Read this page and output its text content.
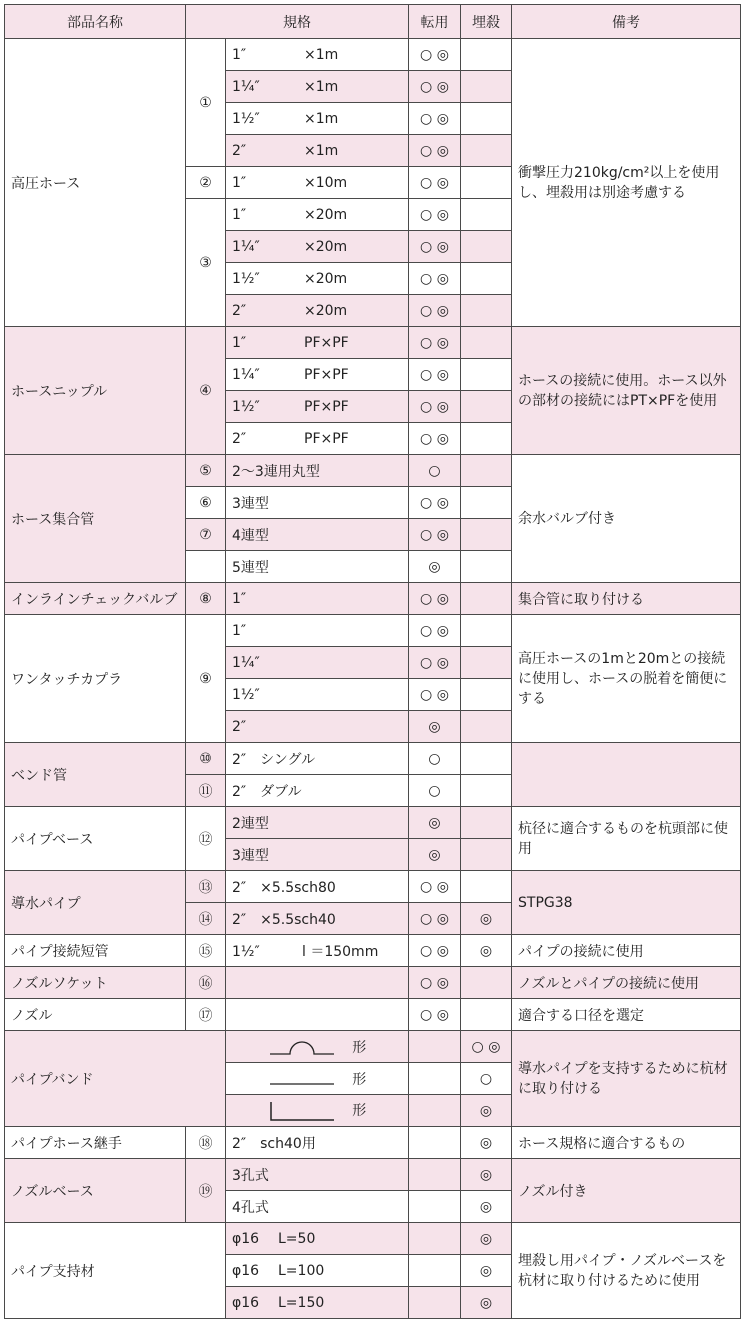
部品名称	規格		転用	埋殺	備考
高圧ホース	①	1″ ×1m	○ ◎		衝撃圧力210kg/cm²以上を使用し、埋殺用は別途考慮する
		1¼″ ×1m	○ ◎		
		1½″ ×1m	○ ◎		
		2″ ×1m	○ ◎		
	②	1″ ×10m	○ ◎		
	③	1″ ×20m	○ ◎		
		1¼″ ×20m	○ ◎		
		1½″ ×20m	○ ◎		
		2″ ×20m	○ ◎		
ホースニップル	④	1″ PF×PF	○ ◎		ホースの接続に使用。ホース以外の部材の接続にはPT×PFを使用
		1¼″ PF×PF	○ ◎		
		1½″ PF×PF	○ ◎		
		2″ PF×PF	○ ◎		
ホース集合管	⑤	2〜3連用丸型	○		余水バルブ付き
	⑥	3連型	○ ◎		
	⑦	4連型	○ ◎		
		5連型	◎		
インラインチェックバルブ	⑧	1″	○ ◎		集合管に取り付ける
ワンタッチカプラ	⑨	1″	○ ◎		高圧ホースの1mと20mとの接続に使用し、ホースの脱着を簡便にする
		1¼″	○ ◎		
		1½″	○ ◎		
		2″	◎		
ベンド管	⑩	2″　シングル	○		
	⑪	2″　ダブル	○		
パイプベース	⑫	2連型	◎		杭径に適合するものを杭頭部に使用
		3連型	◎		
導水パイプ	⑬	2″　×5.5sch80	○ ◎		STPG38
	⑭	2″　×5.5sch40	○ ◎	◎	
パイプ接続短管	⑮	1½″ l ＝150mm	○ ◎	◎	パイプの接続に使用
ノズルソケット	⑯		○ ◎		ノズルとパイプの接続に使用
ノズル	⑰		○ ◎		適合する口径を選定
パイプバンド		形		○ ◎	導水パイプを支持するために杭材に取り付ける
		形		○	
		形		◎	
パイプホース継手	⑱	2″　sch40用		◎	ホース規格に適合するもの
ノズルベース	⑲	3孔式		◎	ノズル付き
		4孔式		◎	
パイプ支持材		φ16 L=50		◎	埋殺し用パイプ・ノズルベースを杭材に取り付けるために使用
		φ16 L=100		◎	
		φ16 L=150		◎	
